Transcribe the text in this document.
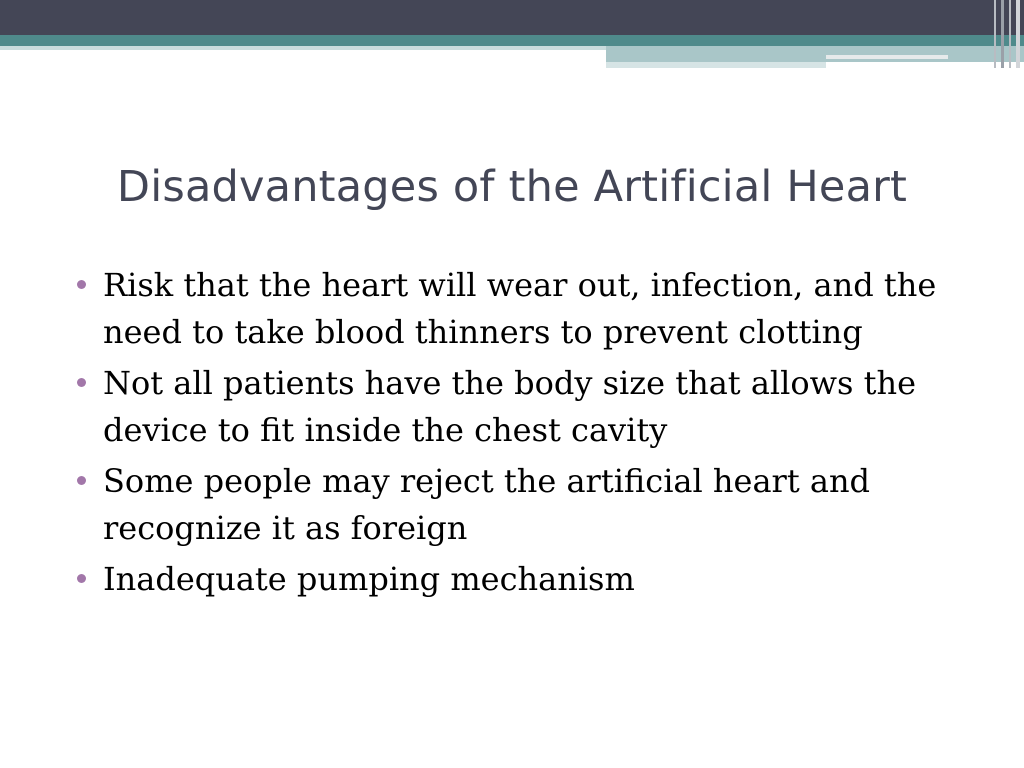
Disadvantages of the Artificial Heart
Risk that the heart will wear out, infection, and the need to take blood thinners to prevent clotting
Not all patients have the body size that allows the device to fit inside the chest cavity
Some people may reject the artificial heart and recognize it as foreign
Inadequate pumping mechanism
